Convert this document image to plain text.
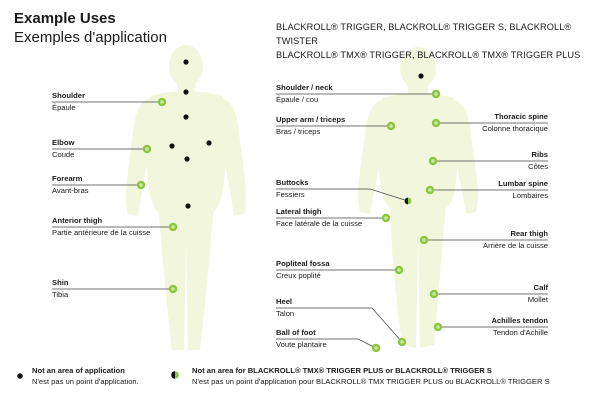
Example Uses
Exemples d'application
BLACKROLL® TRIGGER, BLACKROLL® TRIGGER S, BLACKROLL® TWISTER
BLACKROLL® TMX® TRIGGER, BLACKROLL® TMX® TRIGGER PLUS
Shoulder
Épaule
Elbow
Coude
Forearm
Avant-bras
Anterior thigh
Partie antérieure de la cuisse
Shin
Tibia
Shoulder / neck
Épaule / cou
Upper arm / triceps
Bras / triceps
Buttocks
Fessiers
Lateral thigh
Face latérale de la cuisse
Popliteal fossa
Creux poplité
Heel
Talon
Ball of foot
Voute plantaire
Thoracic spine
Colonne thoracique
Ribs
Côtes
Lumbar spine
Lombaires
Rear thigh
Arrière de la cuisse
Calf
Mollet
Achilles tendon
Tendon d'Achille
Not an area of application
N'est pas un point d'application.
Not an area for BLACKROLL® TMX® TRIGGER PLUS or BLACKROLL® TRIGGER S
N'est pas un point d'application pour BLACKROLL® TMX TRIGGER PLUS ou BLACKROLL® TRIGGER S
